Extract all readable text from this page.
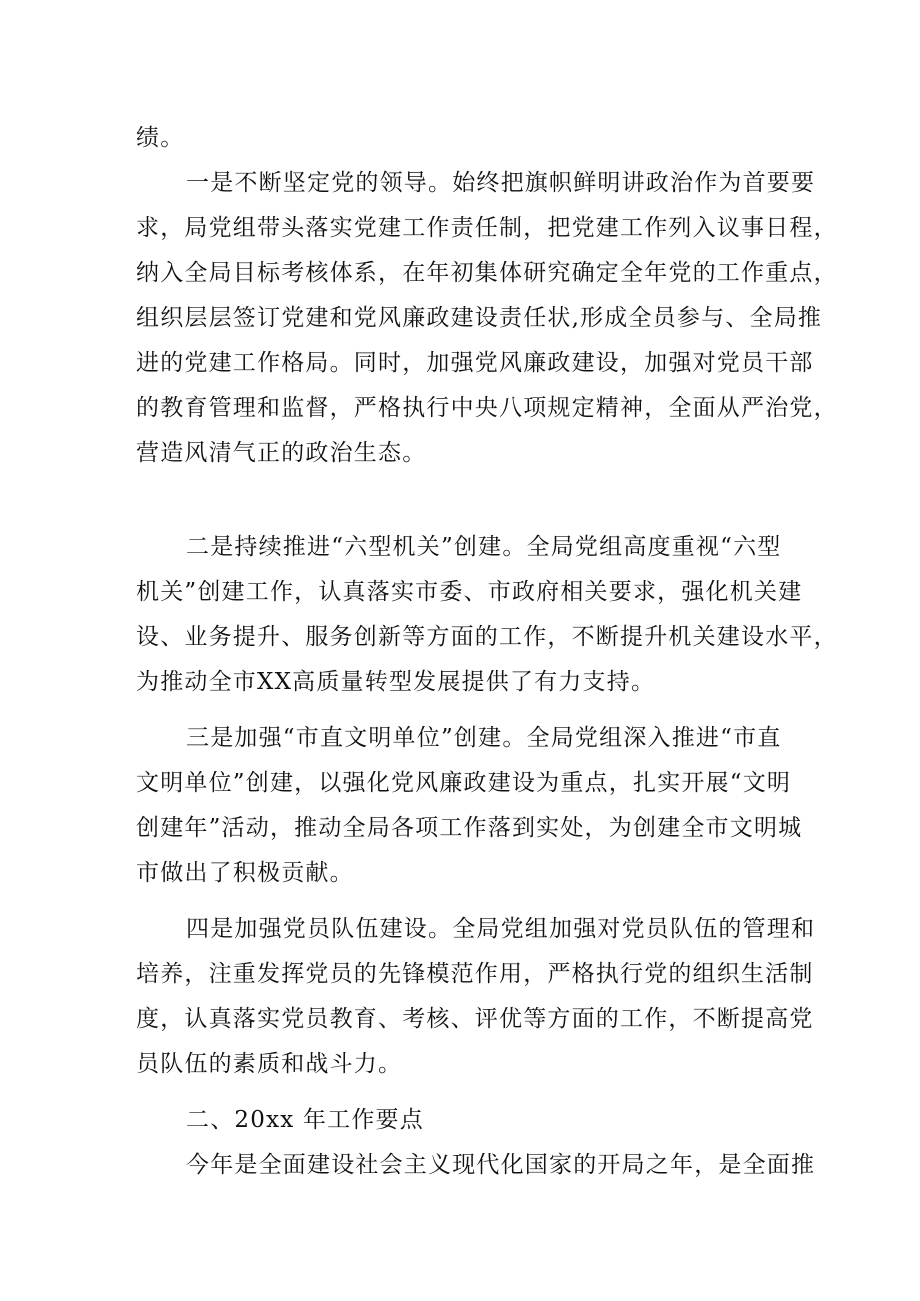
绩。
一是不断坚定党的领导。始终把旗帜鲜明讲政治作为首要要
求，局党组带头落实党建工作责任制，把党建工作列入议事日程，
纳入全局目标考核体系，在年初集体研究确定全年党的工作重点，
组织层层签订党建和党风廉政建设责任状,形成全员参与、全局推
进的党建工作格局。同时，加强党风廉政建设，加强对党员干部
的教育管理和监督，严格执行中央八项规定精神，全面从严治党，
营造风清气正的政治生态。
二是持续推进“六型机关”创建。全局党组高度重视“六型
机关”创建工作，认真落实市委、市政府相关要求，强化机关建
设、业务提升、服务创新等方面的工作，不断提升机关建设水平，
为推动全市XX高质量转型发展提供了有力支持。
三是加强“市直文明单位”创建。全局党组深入推进“市直
文明单位”创建，以强化党风廉政建设为重点，扎实开展“文明
创建年”活动，推动全局各项工作落到实处，为创建全市文明城
市做出了积极贡献。
四是加强党员队伍建设。全局党组加强对党员队伍的管理和
培养，注重发挥党员的先锋模范作用，严格执行党的组织生活制
度，认真落实党员教育、考核、评优等方面的工作，不断提高党
员队伍的素质和战斗力。
二、20xx 年工作要点
今年是全面建设社会主义现代化国家的开局之年，是全面推
